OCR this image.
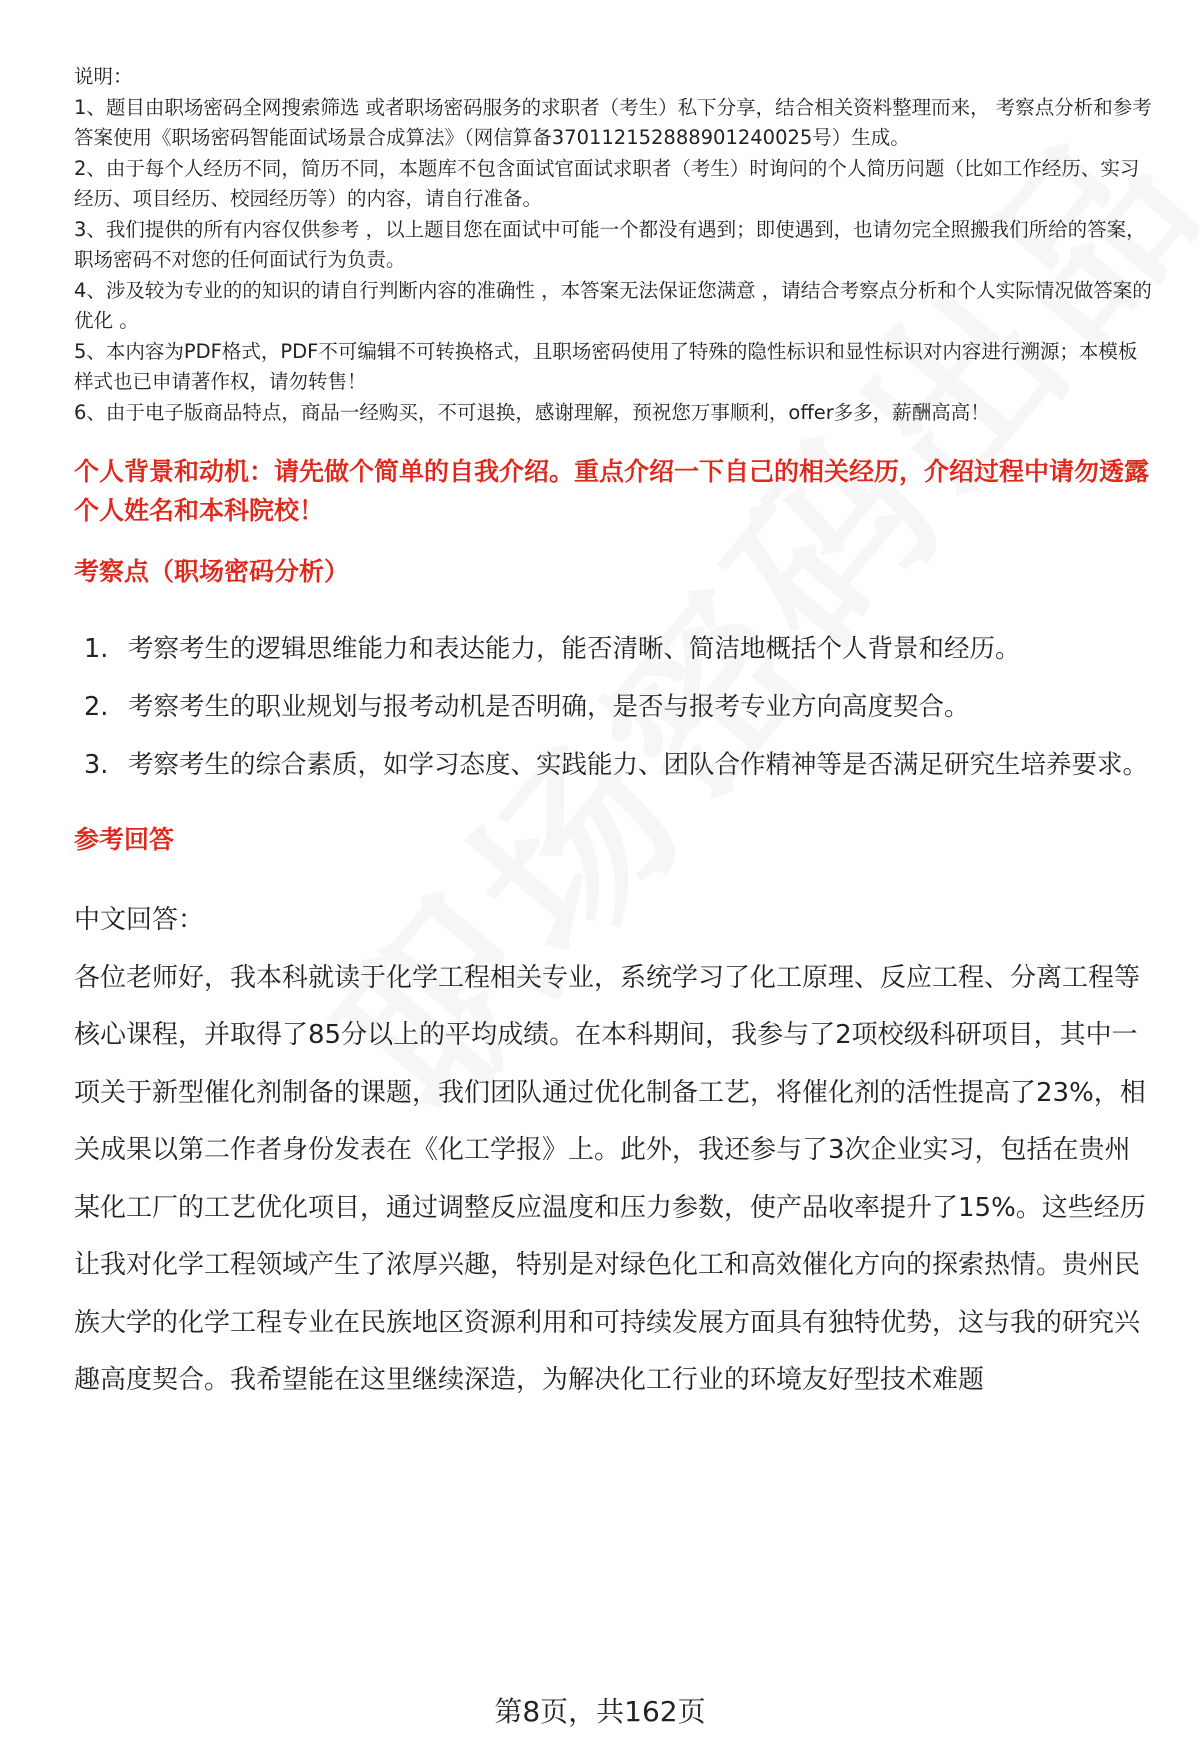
说明：
1、题目由职场密码全网搜索筛选 或者职场密码服务的求职者（考生）私下分享，结合相关资料整理而来， 考察点分析和参考答案使用《职场密码智能面试场景合成算法》（网信算备370112152888901240025号）生成。
2、由于每个人经历不同，简历不同，本题库不包含面试官面试求职者（考生）时询问的个人简历问题（比如工作经历、实习经历、项目经历、校园经历等）的内容，请自行准备。
3、我们提供的所有内容仅供参考 ，以上题目您在面试中可能一个都没有遇到；即使遇到，也请勿完全照搬我们所给的答案，职场密码不对您的任何面试行为负责。
4、涉及较为专业的的知识的请自行判断内容的准确性 ，本答案无法保证您满意 ，请结合考察点分析和个人实际情况做答案的优化 。
5、本内容为PDF格式，PDF不可编辑不可转换格式，且职场密码使用了特殊的隐性标识和显性标识对内容进行溯源；本模板样式也已申请著作权，请勿转售！
6、由于电子版商品特点，商品一经购买，不可退换，感谢理解，预祝您万事顺利，offer多多，薪酬高高！
个人背景和动机：请先做个简单的自我介绍。重点介绍一下自己的相关经历，介绍过程中请勿透露个人姓名和本科院校！
考察点（职场密码分析）
1. 考察考生的逻辑思维能力和表达能力，能否清晰、简洁地概括个人背景和经历。
2. 考察考生的职业规划与报考动机是否明确，是否与报考专业方向高度契合。
3. 考察考生的综合素质，如学习态度、实践能力、团队合作精神等是否满足研究生培养要求。
参考回答
中文回答：
各位老师好，我本科就读于化学工程相关专业，系统学习了化工原理、反应工程、分离工程等核心课程，并取得了85分以上的平均成绩。在本科期间，我参与了2项校级科研项目，其中一项关于新型催化剂制备的课题，我们团队通过优化制备工艺，将催化剂的活性提高了23%，相关成果以第二作者身份发表在《化工学报》上。此外，我还参与了3次企业实习，包括在贵州某化工厂的工艺优化项目，通过调整反应温度和压力参数，使产品收率提升了15%。这些经历让我对化学工程领域产生了浓厚兴趣，特别是对绿色化工和高效催化方向的探索热情。贵州民族大学的化学工程专业在民族地区资源利用和可持续发展方面具有独特优势，这与我的研究兴趣高度契合。我希望能在这里继续深造，为解决化工行业的环境友好型技术难题
第8页，共162页
